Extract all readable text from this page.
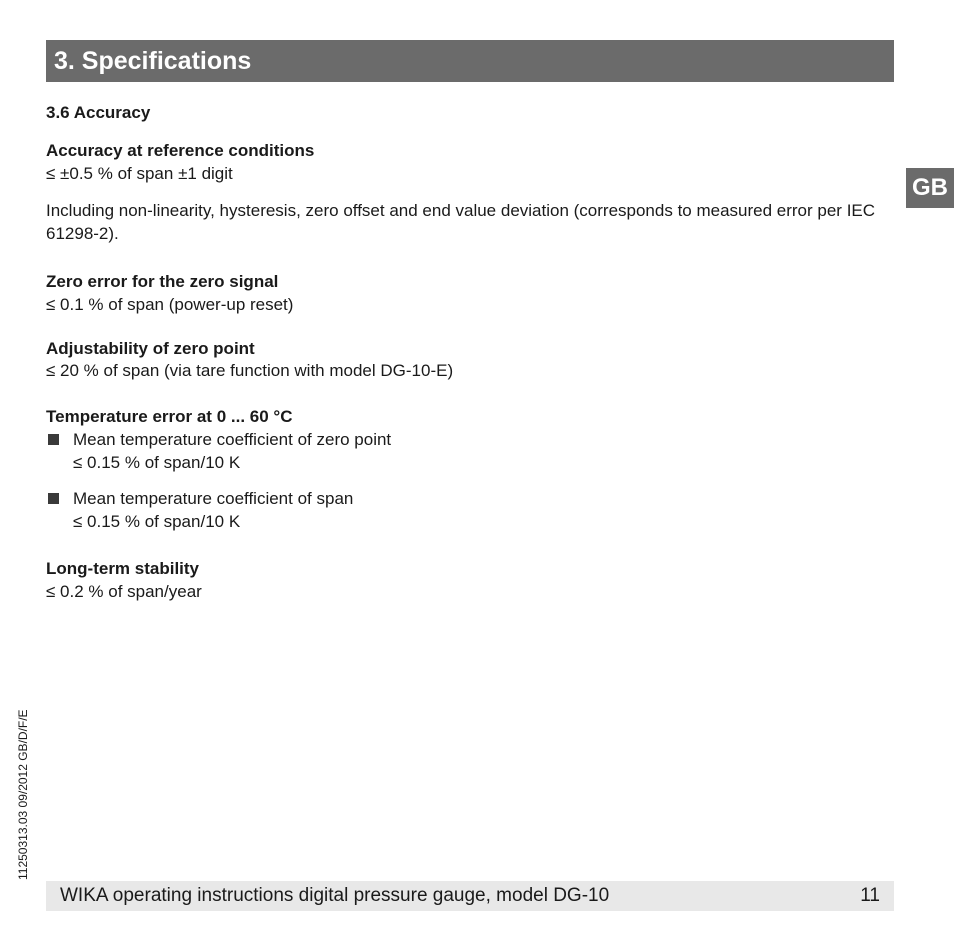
3. Specifications
GB
3.6 Accuracy
Accuracy at reference conditions
≤ ±0.5 % of span ±1 digit
Including non-linearity, hysteresis, zero offset and end value deviation (corresponds to measured error per IEC 61298-2).
Zero error for the zero signal
≤ 0.1 % of span (power-up reset)
Adjustability of zero point
≤ 20 % of span (via tare function with model DG-10-E)
Temperature error at 0 ... 60 °C
Mean temperature coefficient of zero point
≤ 0.15 % of span/10 K
Mean temperature coefficient of span
≤ 0.15 % of span/10 K
Long-term stability
≤ 0.2 % of span/year
11250313.03 09/2012 GB/D/F/E
WIKA operating instructions digital pressure gauge, model DG-10	11
